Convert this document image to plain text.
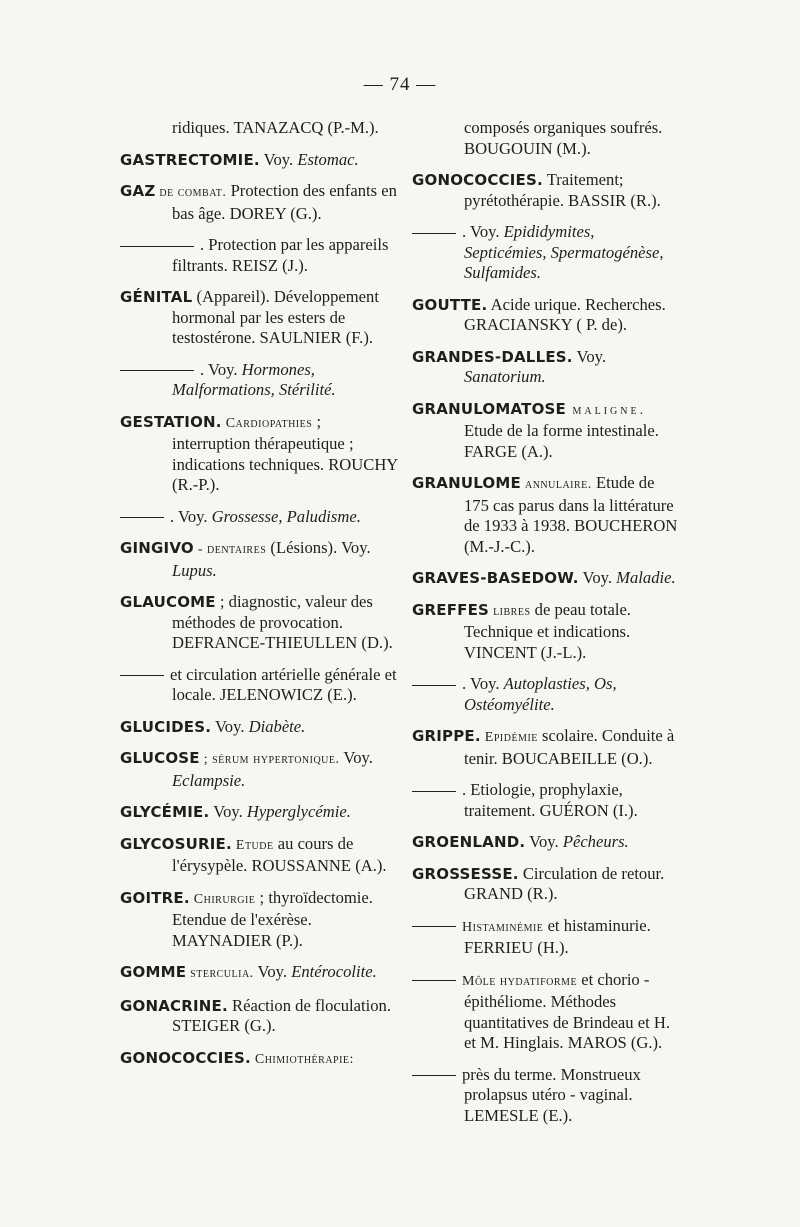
— 74 —

ridiques. TANAZACQ (P.-M.).

GASTRECTOMIE. Voy. Estomac.

GAZ de combat. Protection des enfants en bas âge. DOREY (G.).

. Protection par les appareils filtrants. REISZ (J.).

GÉNITAL (Appareil). Développement hormonal par les esters de testostérone. SAULNIER (F.).

. Voy. Hormones, Malformations, Stérilité.

GESTATION. Cardiopathies ; interruption thérapeutique ; indications techniques. ROUCHY (R.-P.).

. Voy. Grossesse, Paludisme.

GINGIVO - dentaires (Lésions). Voy. Lupus.

GLAUCOME ; diagnostic, valeur des méthodes de provocation. DEFRANCE-THIEULLEN (D.).

et circulation artérielle générale et locale. JELENOWICZ (E.).

GLUCIDES. Voy. Diabète.

GLUCOSE ; sérum hypertonique. Voy. Eclampsie.

GLYCÉMIE. Voy. Hyperglycémie.

GLYCOSURIE. Etude au cours de l'érysypèle. ROUSSANNE (A.).

GOITRE. Chirurgie ; thyroïdectomie. Etendue de l'exérèse. MAYNADIER (P.).

GOMME sterculia. Voy. Entérocolite.

GONACRINE. Réaction de floculation. STEIGER (G.).

GONOCOCCIES. Chimiothérapie:

composés organiques soufrés. BOUGOUIN (M.).

GONOCOCCIES. Traitement; pyrétothérapie. BASSIR (R.).

. Voy. Epididymites, Septicémies, Spermatogénèse, Sulfamides.

GOUTTE. Acide urique. Recherches. GRACIANSKY ( P. de).

GRANDES-DALLES. Voy. Sanatorium.

GRANULOMATOSE maligne. Etude de la forme intestinale. FARGE (A.).

GRANULOME annulaire. Etude de 175 cas parus dans la littérature de 1933 à 1938. BOUCHERON (M.-J.-C.).

GRAVES-BASEDOW. Voy. Maladie.

GREFFES libres de peau totale. Technique et indications. VINCENT (J.-L.).

. Voy. Autoplasties, Os, Ostéomyélite.

GRIPPE. Epidémie scolaire. Conduite à tenir. BOUCABEILLE (O.).

. Etiologie, prophylaxie, traitement. GUÉRON (I.).

GROENLAND. Voy. Pêcheurs.

GROSSESSE. Circulation de retour. GRAND (R.).

Histaminémie et histaminurie. FERRIEU (H.).

Môle hydatiforme et chorio - épithéliome. Méthodes quantitatives de Brindeau et H. et M. Hinglais. MAROS (G.).

près du terme. Monstrueux prolapsus utéro - vaginal. LEMESLE (E.).
